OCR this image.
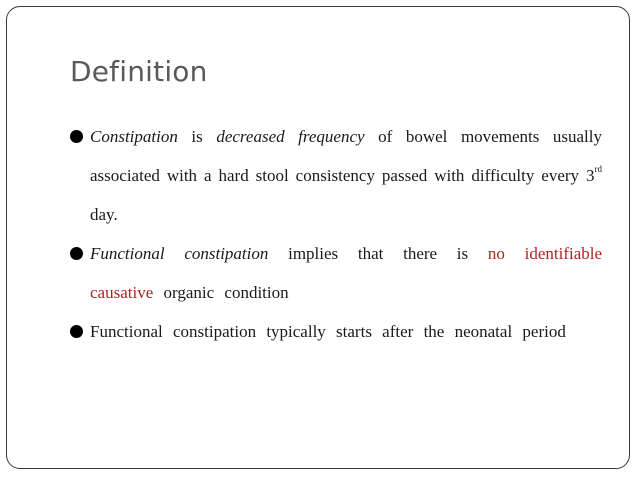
Definition
Constipation is decreased frequency of bowel movements usually associated with a hard stool consistency passed with difficulty every 3rd day.
Functional constipation implies that there is no identifiable causative organic condition
Functional constipation typically starts after the neonatal period
